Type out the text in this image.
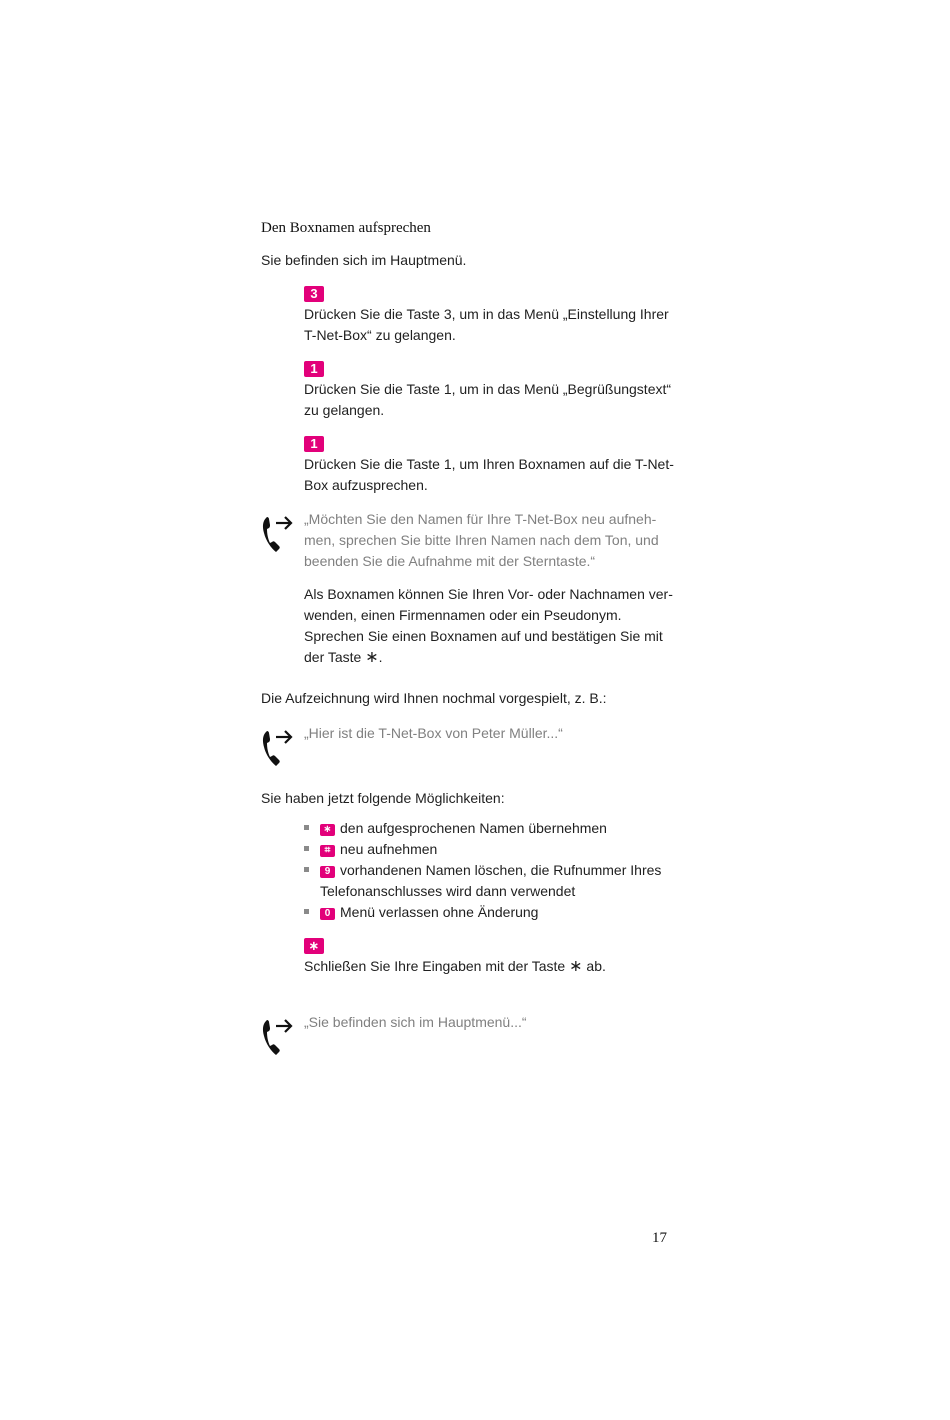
Den Boxnamen aufsprechen
Sie befinden sich im Hauptmenü.
3
Drücken Sie die Taste 3, um in das Menü „Einstellung Ihrer
T-Net-Box“ zu gelangen.
1
Drücken Sie die Taste 1, um in das Menü „Begrüßungstext“
zu gelangen.
1
Drücken Sie die Taste 1, um Ihren Boxnamen auf die T-Net-
Box aufzusprechen.
„Möchten Sie den Namen für Ihre T-Net-Box neu aufneh-
men, sprechen Sie bitte Ihren Namen nach dem Ton, und
beenden Sie die Aufnahme mit der Sterntaste.“
Als Boxnamen können Sie Ihren Vor- oder Nachnamen ver-
wenden, einen Firmennamen oder ein Pseudonym.
Sprechen Sie einen Boxnamen auf und bestätigen Sie mit
der Taste ∗.
Die Aufzeichnung wird Ihnen nochmal vorgespielt, z. B.:
„Hier ist die T-Net-Box von Peter Müller...“
Sie haben jetzt folgende Möglichkeiten:
∗ den aufgesprochenen Namen übernehmen
⌗ neu aufnehmen
9 vorhandenen Namen löschen, die Rufnummer Ihres
Telefonanschlusses wird dann verwendet
0 Menü verlassen ohne Änderung
∗
Schließen Sie Ihre Eingaben mit der Taste ∗ ab.
„Sie befinden sich im Hauptmenü...“
17
